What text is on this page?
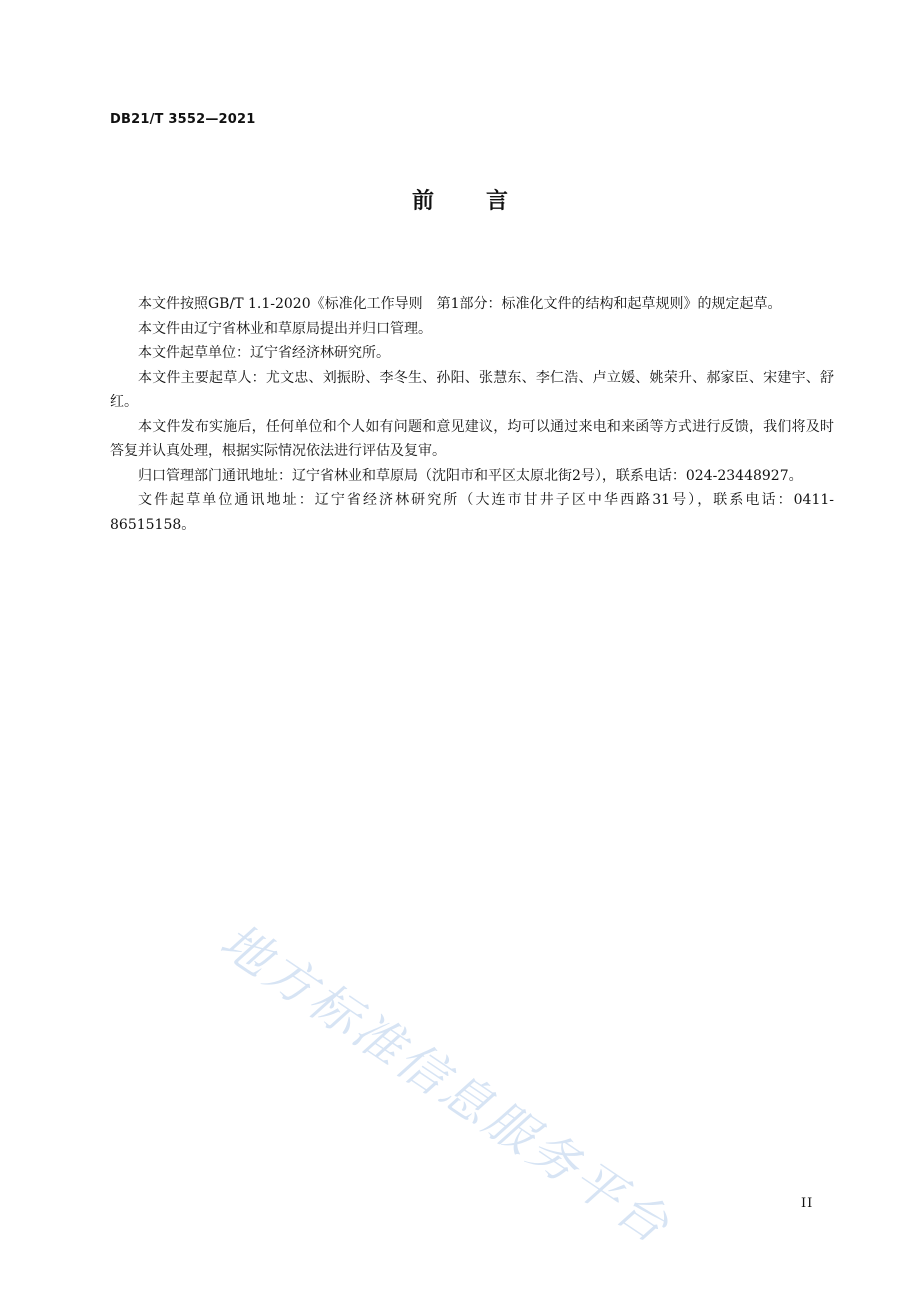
DB21/T 3552—2021
前 言

本文件按照GB/T 1.1-2020《标准化工作导则　第1部分：标准化文件的结构和起草规则》的规定起草。

本文件由辽宁省林业和草原局提出并归口管理。

本文件起草单位：辽宁省经济林研究所。

本文件主要起草人：尤文忠、刘振盼、李冬生、孙阳、张慧东、李仁浩、卢立媛、姚荣升、郝家臣、宋建宇、舒红。

本文件发布实施后，任何单位和个人如有问题和意见建议，均可以通过来电和来函等方式进行反馈，我们将及时答复并认真处理，根据实际情况依法进行评估及复审。

归口管理部门通讯地址：辽宁省林业和草原局（沈阳市和平区太原北街2号），联系电话：024-23448927。

文件起草单位通讯地址：辽宁省经济林研究所（大连市甘井子区中华西路31号），联系电话：0411-86515158。

地方标准信息服务平台	II
